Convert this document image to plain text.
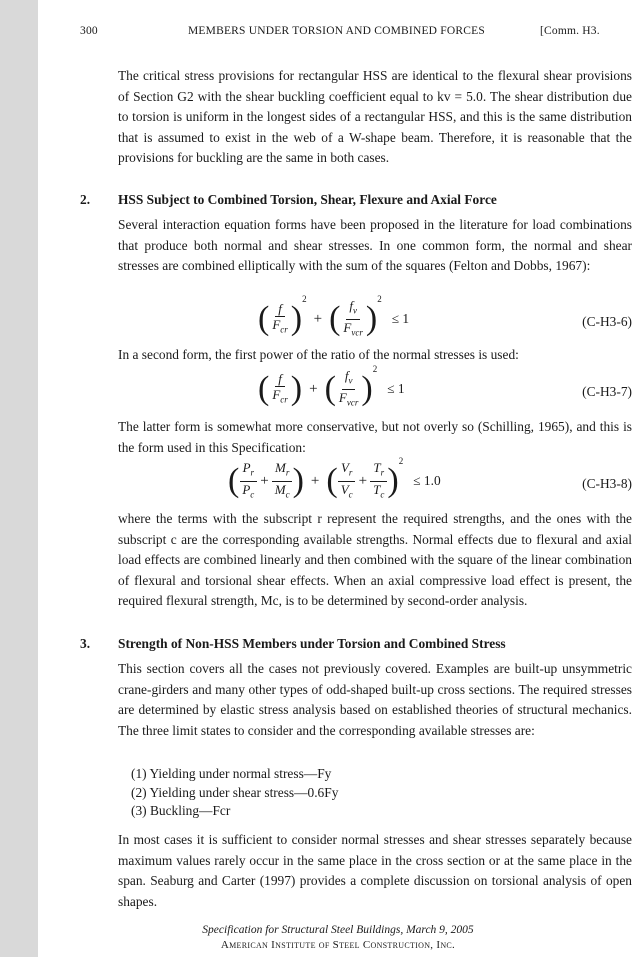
300	MEMBERS UNDER TORSION AND COMBINED FORCES	[Comm. H3.

The critical stress provisions for rectangular HSS are identical to the flexural shear provisions of Section G2 with the shear buckling coefficient equal to kv = 5.0. The shear distribution due to torsion is uniform in the longest sides of a rectangular HSS, and this is the same distribution that is assumed to exist in the web of a W-shape beam. Therefore, it is reasonable that the provisions for buckling are the same in both cases.

2. HSS Subject to Combined Torsion, Shear, Flexure and Axial Force

Several interaction equation forms have been proposed in the literature for load combinations that produce both normal and shear stresses. In one common form, the normal and shear stresses are combined elliptically with the sum of the squares (Felton and Dobbs, 1967):

( $\frac{f}{F_{cr}} )^2$ + ( $\frac{f_v}{F_{vcr}} )^2 \le 1$	(C-H3-6)

In a second form, the first power of the ratio of the normal stresses is used:

( $\frac{f}{F_{cr}}$ ) + ( $\frac{f_v}{F_{vcr}} )^2 \le 1$	(C-H3-7)

The latter form is somewhat more conservative, but not overly so (Schilling, 1965), and this is the form used in this Specification:

( $\frac{P_r}{P_c} + \frac{M_r}{M_c}$ ) + ( $\frac{V_r}{V_c} + \frac{T_r}{T_c} )^2 \le 1.0$	(C-H3-8)

where the terms with the subscript r represent the required strengths, and the ones with the subscript c are the corresponding available strengths. Normal effects due to flexural and axial load effects are combined linearly and then combined with the square of the linear combination of flexural and torsional shear effects. When an axial compressive load effect is present, the required flexural strength, Mc, is to be determined by second-order analysis.

3. Strength of Non-HSS Members under Torsion and Combined Stress

This section covers all the cases not previously covered. Examples are built-up unsymmetric crane-girders and many other types of odd-shaped built-up cross sections. The required stresses are determined by elastic stress analysis based on established theories of structural mechanics. The three limit states to consider and the corresponding available stresses are:

(1) Yielding under normal stress—Fy
(2) Yielding under shear stress—0.6Fy
(3) Buckling—Fcr

In most cases it is sufficient to consider normal stresses and shear stresses separately because maximum values rarely occur in the same place in the cross section or at the same place in the span. Seaburg and Carter (1997) provides a complete discussion on torsional analysis of open shapes.

Specification for Structural Steel Buildings, March 9, 2005
American Institute of Steel Construction, Inc.
